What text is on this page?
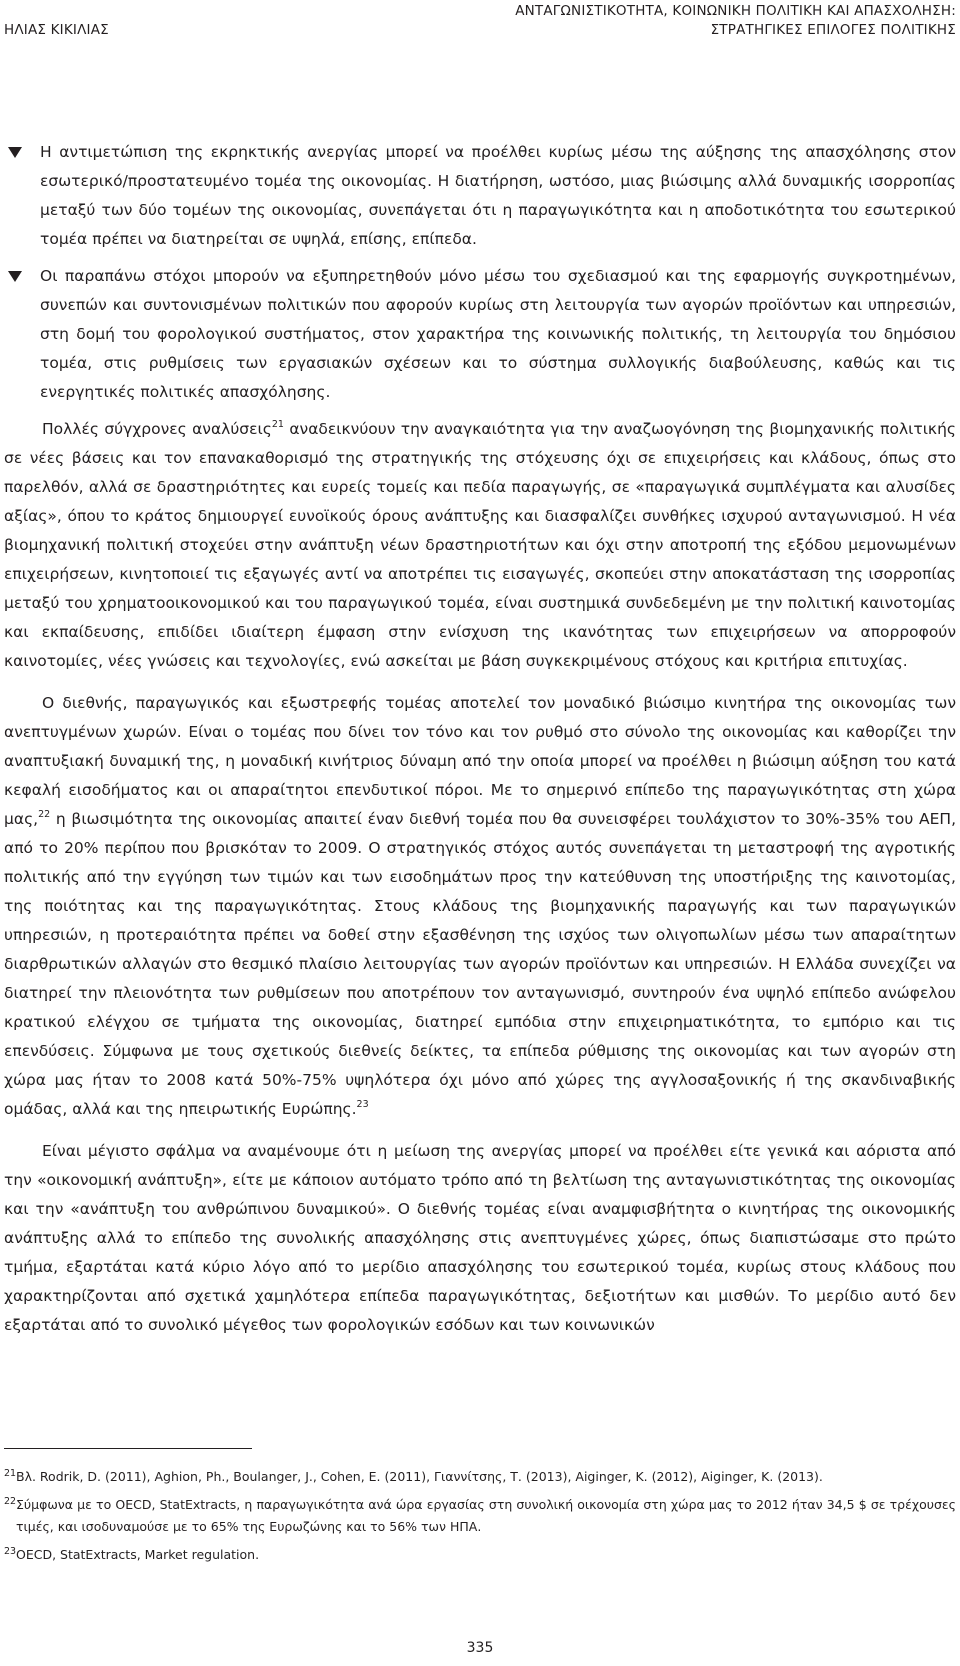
ΗΛΙΑΣ ΚΙΚΙΛΙΑΣ
ΑΝΤΑΓΩΝΙΣΤΙΚΟΤΗΤΑ, ΚΟΙΝΩΝΙΚΗ ΠΟΛΙΤΙΚΗ ΚΑΙ ΑΠΑΣΧΟΛΗΣΗ:
ΣΤΡΑΤΗΓΙΚΕΣ ΕΠΙΛΟΓΕΣ ΠΟΛΙΤΙΚΗΣ
Η αντιμετώπιση της εκρηκτικής ανεργίας μπορεί να προέλθει κυρίως μέσω της αύξησης της απασχόλησης στον εσωτερικό/προστατευμένο τομέα της οικονομίας. Η διατήρηση, ωστόσο, μιας βιώσιμης αλλά δυναμικής ισορροπίας μεταξύ των δύο τομέων της οικονομίας, συνεπάγεται ότι η παραγωγικότητα και η αποδοτικότητα του εσωτερικού τομέα πρέπει να διατηρείται σε υψηλά, επίσης, επίπεδα.
Οι παραπάνω στόχοι μπορούν να εξυπηρετηθούν μόνο μέσω του σχεδιασμού και της εφαρμογής συγκροτημένων, συνεπών και συντονισμένων πολιτικών που αφορούν κυρίως στη λειτουργία των αγορών προϊόντων και υπηρεσιών, στη δομή του φορολογικού συστήματος, στον χαρακτήρα της κοινωνικής πολιτικής, τη λειτουργία του δημόσιου τομέα, στις ρυθμίσεις των εργασιακών σχέσεων και το σύστημα συλλογικής διαβούλευσης, καθώς και τις ενεργητικές πολιτικές απασχόλησης.

Πολλές σύγχρονες αναλύσεις$^{21}$ αναδεικνύουν την αναγκαιότητα για την αναζωογόνηση της βιομηχανικής πολιτικής σε νέες βάσεις και τον επανακαθορισμό της στρατηγικής της στόχευσης όχι σε επιχειρήσεις και κλάδους, όπως στο παρελθόν, αλλά σε δραστηριότητες και ευρείς τομείς και πεδία παραγωγής, σε «παραγωγικά συμπλέγματα και αλυσίδες αξίας», όπου το κράτος δημιουργεί ευνοϊκούς όρους ανάπτυξης και διασφαλίζει συνθήκες ισχυρού ανταγωνισμού. Η νέα βιομηχανική πολιτική στοχεύει στην ανάπτυξη νέων δραστηριοτήτων και όχι στην αποτροπή της εξόδου μεμονωμένων επιχειρήσεων, κινητοποιεί τις εξαγωγές αντί να αποτρέπει τις εισαγωγές, σκοπεύει στην αποκατάσταση της ισορροπίας μεταξύ του χρηματοοικονομικού και του παραγωγικού τομέα, είναι συστημικά συνδεδεμένη με την πολιτική καινοτομίας και εκπαίδευσης, επιδίδει ιδιαίτερη έμφαση στην ενίσχυση της ικανότητας των επιχειρήσεων να απορροφούν καινοτομίες, νέες γνώσεις και τεχνολογίες, ενώ ασκείται με βάση συγκεκριμένους στόχους και κριτήρια επιτυχίας.

Ο διεθνής, παραγωγικός και εξωστρεφής τομέας αποτελεί τον μοναδικό βιώσιμο κινητήρα της οικονομίας των ανεπτυγμένων χωρών. Είναι ο τομέας που δίνει τον τόνο και τον ρυθμό στο σύνολο της οικονομίας και καθορίζει την αναπτυξιακή δυναμική της, η μοναδική κινήτριος δύναμη από την οποία μπορεί να προέλθει η βιώσιμη αύξηση του κατά κεφαλή εισοδήματος και οι απαραίτητοι επενδυτικοί πόροι. Με το σημερινό επίπεδο της παραγωγικότητας στη χώρα μας,$^{22}$ η βιωσιμότητα της οικονομίας απαιτεί έναν διεθνή τομέα που θα συνεισφέρει τουλάχιστον το 30%-35% του ΑΕΠ, από το 20% περίπου που βρισκόταν το 2009. Ο στρατηγικός στόχος αυτός συνεπάγεται τη μεταστροφή της αγροτικής πολιτικής από την εγγύηση των τιμών και των εισοδημάτων προς την κατεύθυνση της υποστήριξης της καινοτομίας, της ποιότητας και της παραγωγικότητας. Στους κλάδους της βιομηχανικής παραγωγής και των παραγωγικών υπηρεσιών, η προτεραιότητα πρέπει να δοθεί στην εξασθένηση της ισχύος των ολιγοπωλίων μέσω των απαραίτητων διαρθρωτικών αλλαγών στο θεσμικό πλαίσιο λειτουργίας των αγορών προϊόντων και υπηρεσιών. Η Ελλάδα συνεχίζει να διατηρεί την πλειονότητα των ρυθμίσεων που αποτρέπουν τον ανταγωνισμό, συντηρούν ένα υψηλό επίπεδο ανώφελου κρατικού ελέγχου σε τμήματα της οικονομίας, διατηρεί εμπόδια στην επιχειρηματικότητα, το εμπόριο και τις επενδύσεις. Σύμφωνα με τους σχετικούς διεθνείς δείκτες, τα επίπεδα ρύθμισης της οικονομίας και των αγορών στη χώρα μας ήταν το 2008 κατά 50%-75% υψηλότερα όχι μόνο από χώρες της αγγλοσαξονικής ή της σκανδιναβικής ομάδας, αλλά και της ηπειρωτικής Ευρώπης.$^{23}$

Είναι μέγιστο σφάλμα να αναμένουμε ότι η μείωση της ανεργίας μπορεί να προέλθει είτε γενικά και αόριστα από την «οικονομική ανάπτυξη», είτε με κάποιον αυτόματο τρόπο από τη βελτίωση της ανταγωνιστικότητας της οικονομίας και την «ανάπτυξη του ανθρώπινου δυναμικού». Ο διεθνής τομέας είναι αναμφισβήτητα ο κινητήρας της οικονομικής ανάπτυξης αλλά το επίπεδο της συνολικής απασχόλησης στις ανεπτυγμένες χώρες, όπως διαπιστώσαμε στο πρώτο τμήμα, εξαρτάται κατά κύριο λόγο από το μερίδιο απασχόλησης του εσωτερικού τομέα, κυρίως στους κλάδους που χαρακτηρίζονται από σχετικά χαμηλότερα επίπεδα παραγωγικότητας, δεξιοτήτων και μισθών. Το μερίδιο αυτό δεν εξαρτάται από το συνολικό μέγεθος των φορολογικών εσόδων και των κοινωνικών

21 Βλ. Rodrik, D. (2011), Aghion, Ph., Boulanger, J., Cohen, E. (2011), Γιαννίτσης, Τ. (2013), Aiginger, K. (2012), Aiginger, K. (2013).
22 Σύμφωνα με το OECD, StatExtracts, η παραγωγικότητα ανά ώρα εργασίας στη συνολική οικονομία στη χώρα μας το 2012 ήταν 34,5 $ σε τρέχουσες τιμές, και ισοδυναμούσε με το 65% της Ευρωζώνης και το 56% των ΗΠΑ.
23 OECD, StatExtracts, Market regulation.
335
